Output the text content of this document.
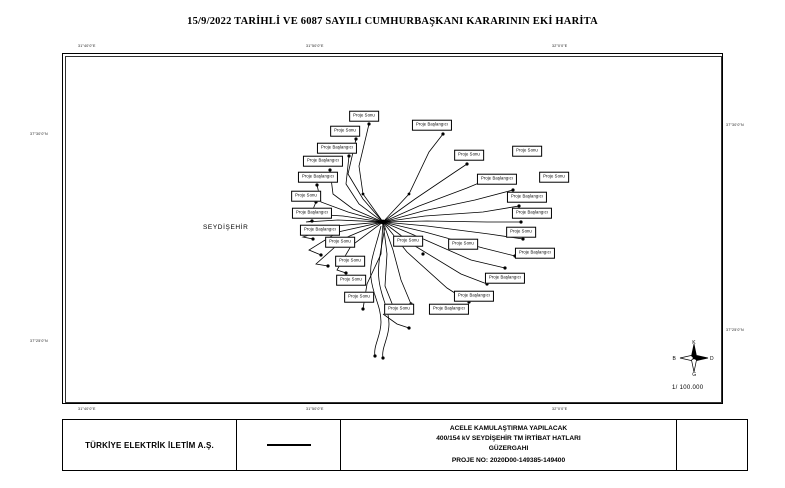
15/9/2022 TARİHLİ VE 6087 SAYILI CUMHURBAŞKANI KARARININ EKİ HARİTA
31°40'0"E	31°50'0"E	32°0'0"E
31°40'0"E	31°50'0"E	32°0'0"E
37°30'0"N
37°25'0"N
37°30'0"N
37°25'0"N
SEYDİŞEHİR
Proje Sonu
Proje Başlangıcı
Proje Sonu
Proje Başlangıcı
Proje Başlangıcı
Proje Sonu
Proje Sonu
Proje Başlangıcı	Proje Sonu
Proje Başlangıcı
Proje Sonu	Proje Başlangıcı
Proje Başlangıcı	Proje Başlangıcı
Proje Başlangıcı	Proje Sonu
Proje Sonu	Proje Sonu
Proje Sonu
Proje Başlangıcı
Proje Sonu
Proje Başlangıcı
Proje Sonu
Proje Sonu	Proje Başlangıcı
Proje Sonu	Proje Başlangıcı
K
G
B	D
1/ 100.000
TÜRKİYE ELEKTRİK İLETİM A.Ş.
ACELE KAMULAŞTIRMA YAPILACAK
400/154 kV SEYDİŞEHİR TM İRTİBAT HATLARI
GÜZERGAHI
PROJE NO: 2020D00-149385-149400
